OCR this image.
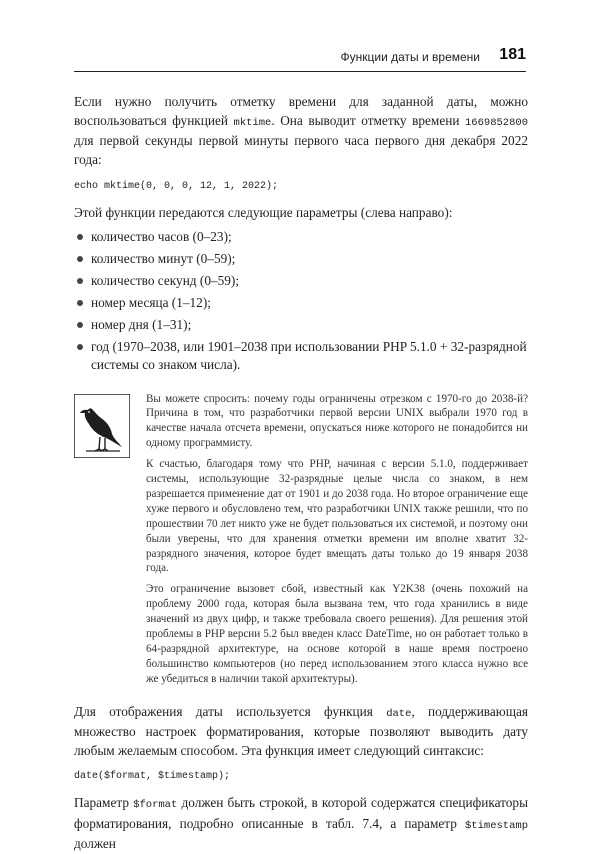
Функции даты и времени 181

Если нужно получить отметку времени для заданной даты, можно воспользоваться функцией mktime. Она выводит отметку времени 1669852800 для первой секунды первой минуты первого часа первого дня декабря 2022 года:

echo mktime(0, 0, 0, 12, 1, 2022);

Этой функции передаются следующие параметры (слева направо):

количество часов (0–23);
количество минут (0–59);
количество секунд (0–59);
номер месяца (1–12);
номер дня (1–31);
год (1970–2038, или 1901–2038 при использовании PHP 5.1.0 + 32-разрядной системы со знаком числа).

Вы можете спросить: почему годы ограничены отрезком с 1970-го до 2038-й? Причина в том, что разработчики первой версии UNIX выбрали 1970 год в качестве начала отсчета времени, опускаться ниже которого не понадобится ни одному программисту.

К счастью, благодаря тому что PHP, начиная с версии 5.1.0, поддерживает системы, использующие 32-разрядные целые числа со знаком, в нем разрешается применение дат от 1901 и до 2038 года. Но второе ограничение еще хуже первого и обусловлено тем, что разработчики UNIX также решили, что по прошествии 70 лет никто уже не будет пользоваться их системой, и поэтому они были уверены, что для хранения отметки времени им вполне хватит 32-разрядного значения, которое будет вмещать даты только до 19 января 2038 года.

Это ограничение вызовет сбой, известный как Y2K38 (очень похожий на проблему 2000 года, которая была вызвана тем, что года хранились в виде значений из двух цифр, и также требовала своего решения). Для решения этой проблемы в PHP версии 5.2 был введен класс DateTime, но он работает только в 64-разрядной архитектуре, на основе которой в наше время построено большинство компьютеров (но перед использованием этого класса нужно все же убедиться в наличии такой архитектуры).

Для отображения даты используется функция date, поддерживающая множество настроек форматирования, которые позволяют выводить дату любым желаемым способом. Эта функция имеет следующий синтаксис:

date($format, $timestamp);

Параметр $format должен быть строкой, в которой содержатся спецификаторы форматирования, подробно описанные в табл. 7.4, а параметр $timestamp должен
